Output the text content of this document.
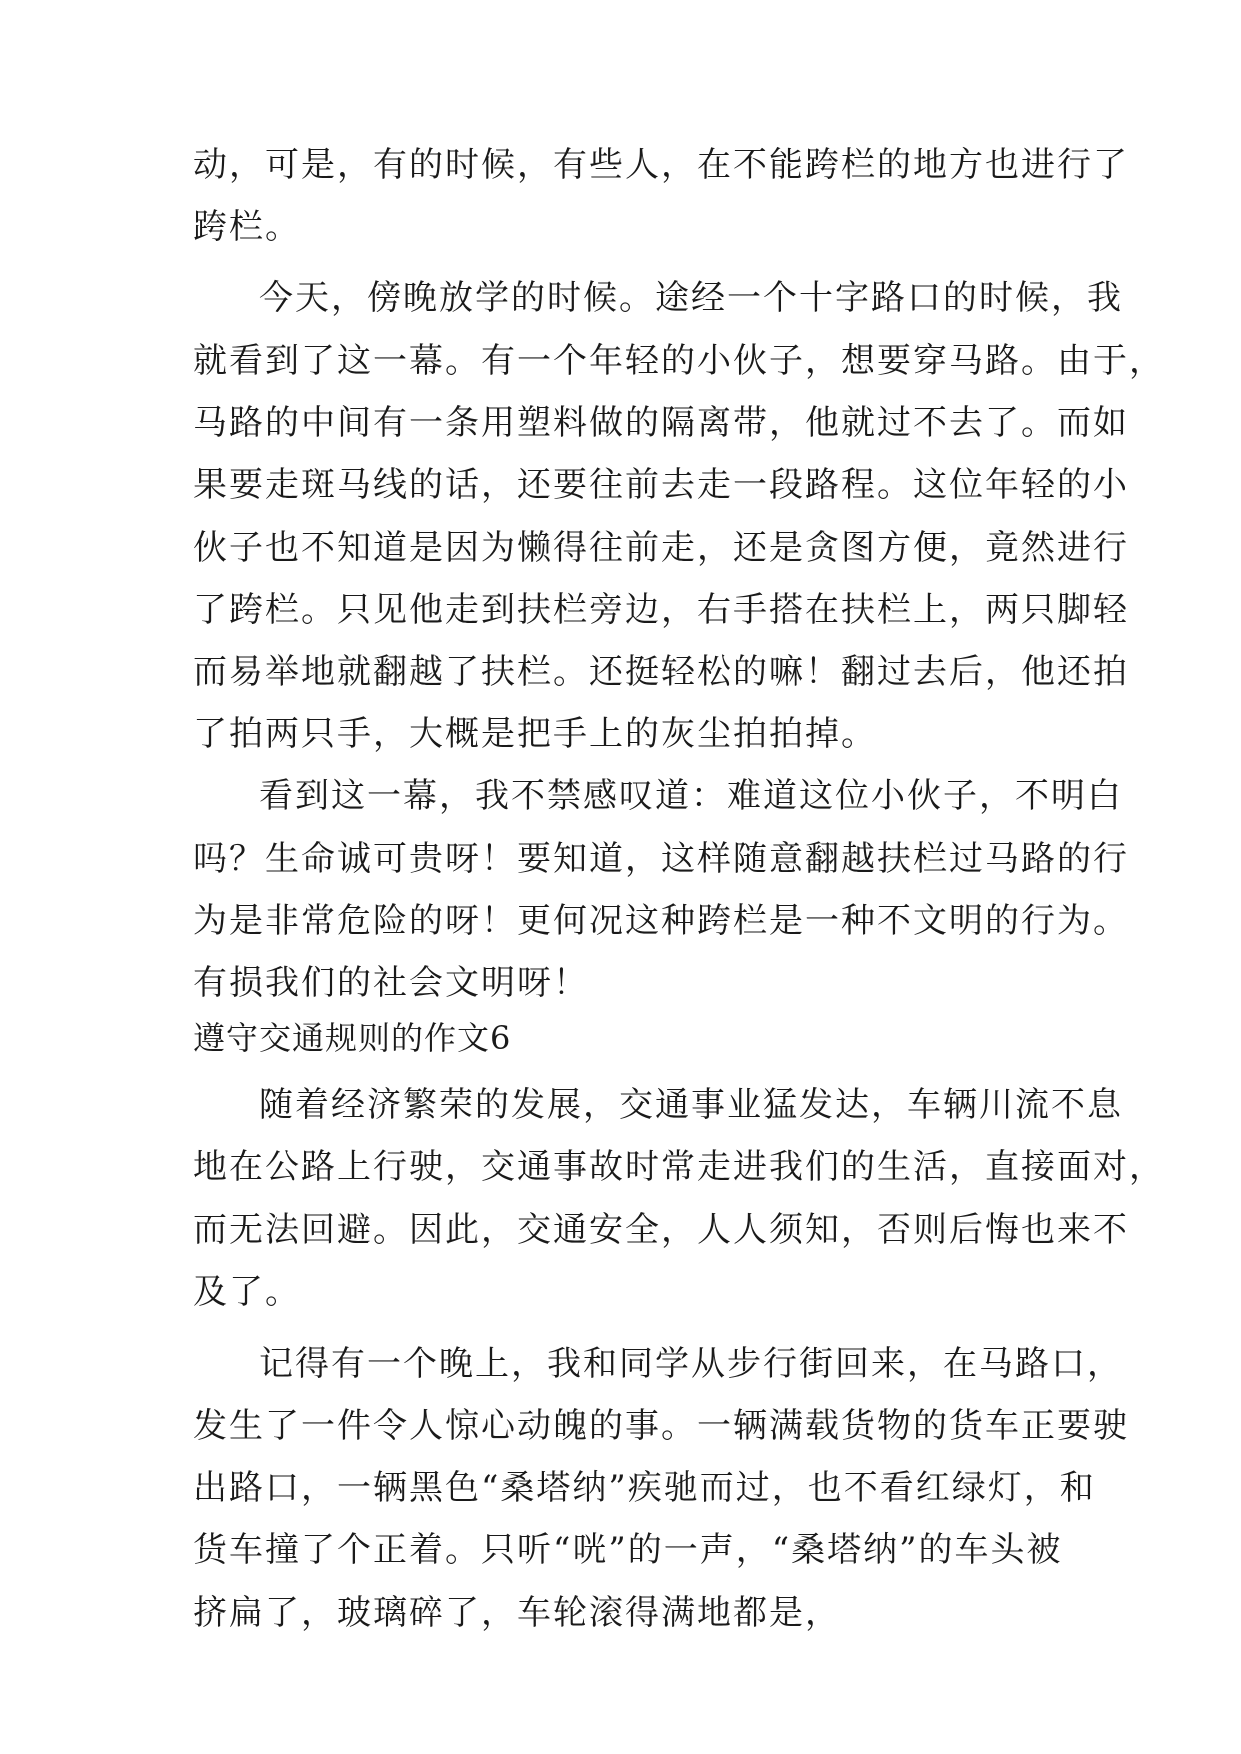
动，可是，有的时候，有些人，在不能跨栏的地方也进行了
跨栏。
今天，傍晚放学的时候。途经一个十字路口的时候，我
就看到了这一幕。有一个年轻的小伙子，想要穿马路。由于，
马路的中间有一条用塑料做的隔离带，他就过不去了。而如
果要走斑马线的话，还要往前去走一段路程。这位年轻的小
伙子也不知道是因为懒得往前走，还是贪图方便，竟然进行
了跨栏。只见他走到扶栏旁边，右手搭在扶栏上，两只脚轻
而易举地就翻越了扶栏。还挺轻松的嘛！翻过去后，他还拍
了拍两只手，大概是把手上的灰尘拍拍掉。
看到这一幕，我不禁感叹道：难道这位小伙子，不明白
吗？生命诚可贵呀！要知道，这样随意翻越扶栏过马路的行
为是非常危险的呀！更何况这种跨栏是一种不文明的行为。
有损我们的社会文明呀！
遵守交通规则的作文6
随着经济繁荣的发展，交通事业猛发达，车辆川流不息
地在公路上行驶，交通事故时常走进我们的生活，直接面对，
而无法回避。因此，交通安全，人人须知，否则后悔也来不
及了。
记得有一个晚上，我和同学从步行街回来，在马路口，
发生了一件令人惊心动魄的事。一辆满载货物的货车正要驶
出路口，一辆黑色“桑塔纳”疾驰而过，也不看红绿灯，和
货车撞了个正着。只听“咣”的一声，“桑塔纳”的车头被
挤扁了，玻璃碎了，车轮滚得满地都是，
